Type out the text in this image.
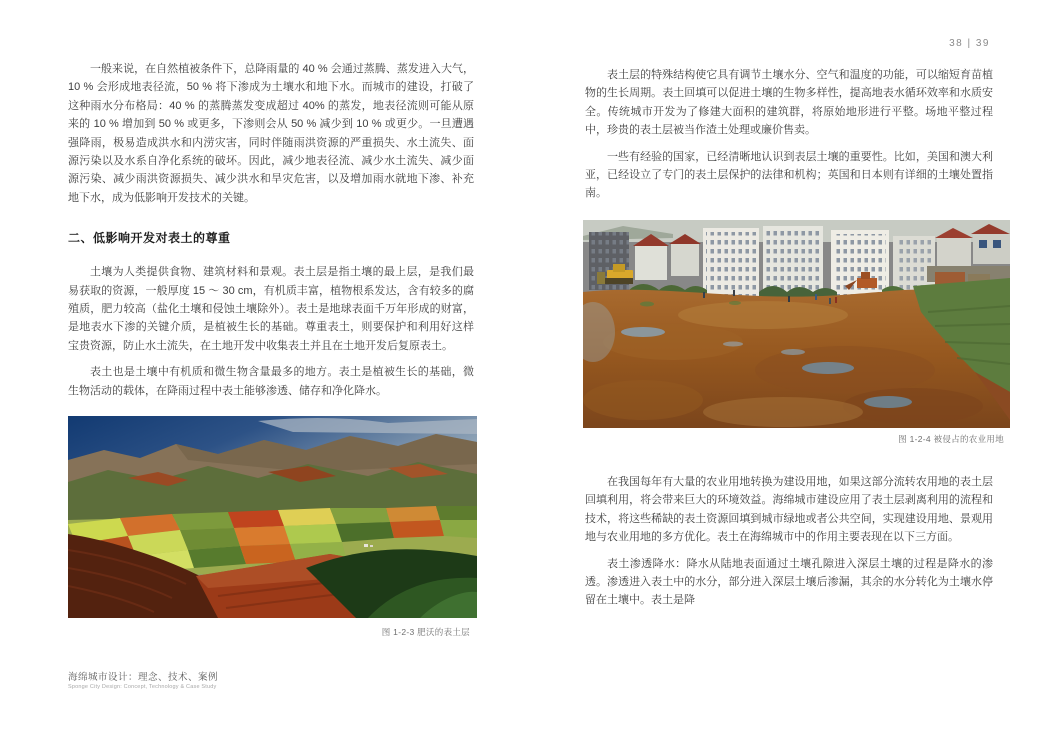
38 | 39

一般来说，在自然植被条件下，总降雨量的 40 % 会通过蒸腾、蒸发进入大气，10 % 会形成地表径流，50 % 将下渗成为土壤水和地下水。而城市的建设，打破了这种雨水分布格局：40 % 的蒸腾蒸发变成超过 40% 的蒸发，地表径流则可能从原来的 10 % 增加到 50 % 或更多，下渗则会从 50 % 减少到 10 % 或更少。一旦遭遇强降雨，极易造成洪水和内涝灾害，同时伴随雨洪资源的严重损失、水土流失、面源污染以及水系自净化系统的破坏。因此，减少地表径流、减少水土流失、减少面源污染、减少雨洪资源损失、减少洪水和旱灾危害，以及增加雨水就地下渗、补充地下水，成为低影响开发技术的关键。

二、低影响开发对表土的尊重

土壤为人类提供食物、建筑材料和景观。表土层是指土壤的最上层，是我们最易获取的资源，一般厚度 15 ～ 30 cm，有机质丰富，植物根系发达，含有较多的腐殖质，肥力较高（盐化土壤和侵蚀土壤除外）。表土是地球表面千万年形成的财富，是地表水下渗的关键介质，是植被生长的基础。尊重表土，则要保护和利用好这样宝贵资源，防止水土流失，在土地开发中收集表土并且在土地开发后复原表土。

表土也是土壤中有机质和微生物含量最多的地方。表土是植被生长的基础，微生物活动的载体，在降雨过程中表土能够渗透、储存和净化降水。

图 1-2-3 肥沃的表土层
海绵城市设计：理念、技术、案例
Sponge City Design: Concept, Technology & Case Study

表土层的特殊结构使它具有调节土壤水分、空气和温度的功能，可以缩短育苗植物的生长周期。表土回填可以促进土壤的生物多样性，提高地表水循环效率和水质安全。传统城市开发为了修建大面积的建筑群，将原始地形进行平整。场地平整过程中，珍贵的表土层被当作渣土处理或廉价售卖。

一些有经验的国家，已经清晰地认识到表层土壤的重要性。比如，美国和澳大利亚，已经设立了专门的表土层保护的法律和机构；英国和日本则有详细的土壤处置指南。

图 1-2-4 被侵占的农业用地

在我国每年有大量的农业用地转换为建设用地，如果这部分流转农用地的表土层回填利用，将会带来巨大的环境效益。海绵城市建设应用了表土层剥离利用的流程和技术，将这些稀缺的表土资源回填到城市绿地或者公共空间，实现建设用地、景观用地与农业用地的多方优化。表土在海绵城市中的作用主要表现在以下三方面。

表土渗透降水：降水从陆地表面通过土壤孔隙进入深层土壤的过程是降水的渗透。渗透进入表土中的水分，部分进入深层土壤后渗漏，其余的水分转化为土壤水停留在土壤中。表土是降
